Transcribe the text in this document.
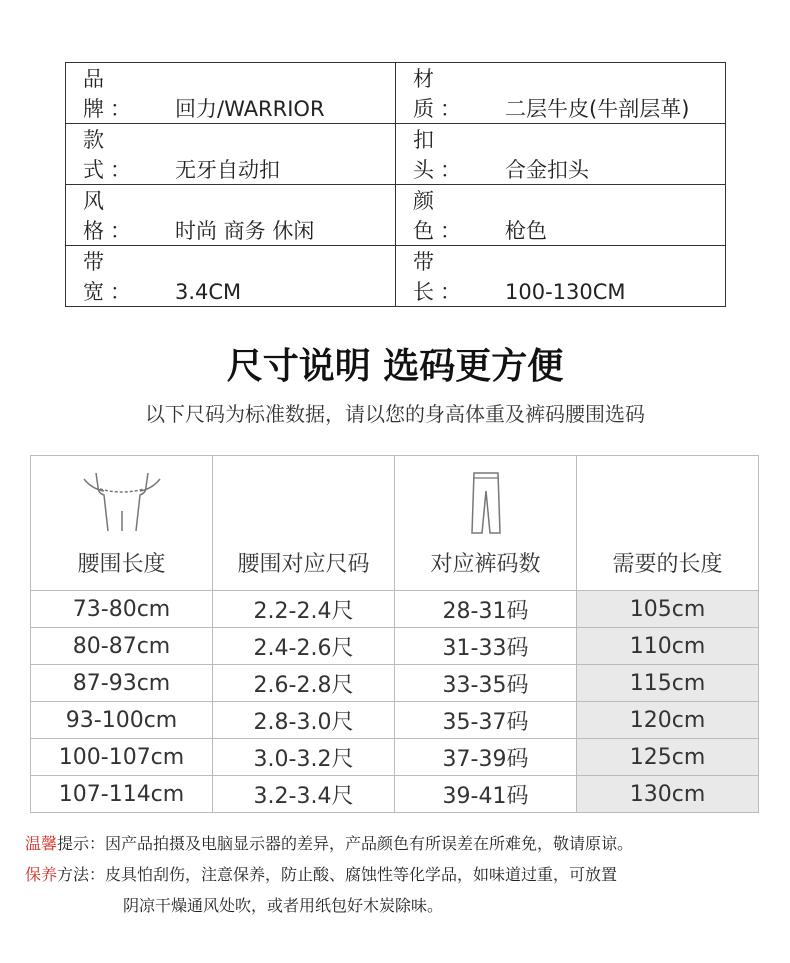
品 牌： 回力/WARRIOR	材 质： 二层牛皮(牛剖层革)
款 式： 无牙自动扣	扣 头： 合金扣头
风 格： 时尚 商务 休闲	颜 色： 枪色
带 宽： 3.4CM	带 长： 100-130CM
尺寸说明 选码更方便
以下尺码为标准数据，请以您的身高体重及裤码腰围选码
腰围长度	腰围对应尺码	对应裤码数	需要的长度
73-80cm	2.2-2.4尺	28-31码	105cm
80-87cm	2.4-2.6尺	31-33码	110cm
87-93cm	2.6-2.8尺	33-35码	115cm
93-100cm	2.8-3.0尺	35-37码	120cm
100-107cm	3.0-3.2尺	37-39码	125cm
107-114cm	3.2-3.4尺	39-41码	130cm
温馨提示：因产品拍摄及电脑显示器的差异，产品颜色有所误差在所难免，敬请原谅。
保养方法：皮具怕刮伤，注意保养，防止酸、腐蚀性等化学品，如味道过重，可放置
阴凉干燥通风处吹，或者用纸包好木炭除味。
